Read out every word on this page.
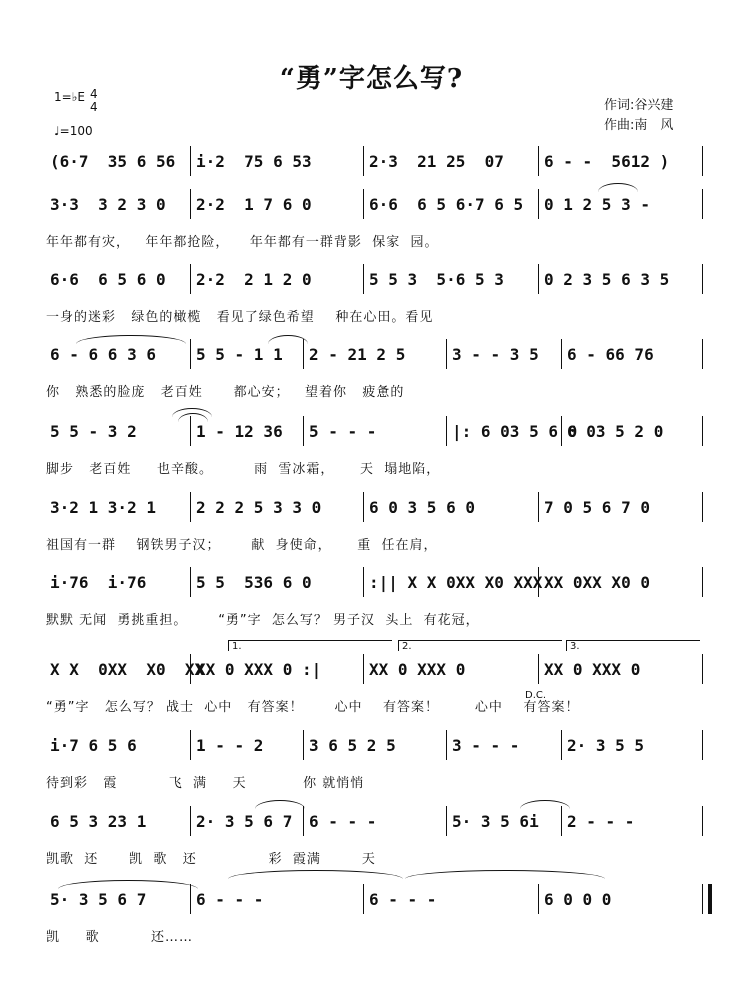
“勇”字怎么写?
1=♭E 4
4
♩=100
作词:谷兴建
作曲:南　风
(6·7  35 6 56 i·2  75 6 53	2·3  21 25  07	6 - -  5612 )
3·3  3 2 3 0 2·2  1 7 6 0	6·6  6 5 6·7 6 5 0 1 2 5 3 -
年年都有灾，   年年都抢险，    年年都有一群背影  保家  园。
6·6  6 5 6 0 2·2  2 1 2 0	5 5 3  5·6 5 3	0 2 3 5 6 3 5
一身的迷彩   绿色的橄榄   看见了绿色希望    种在心田。看见
6 - 6 6 3 6	5 5 - 1 1 2 - 21 2 5	3 - - 3 5 6 - 66 76
你   熟悉的脸庞   老百姓      都心安；   望着你   疲惫的
5 5 - 3 2	1 - 12 36 5 - - -	|: 6 03 5 6 0
6 03 5 2 0
脚步   老百姓     也辛酸。        雨  雪冰霜，     天  塌地陷，
3·2 1 3·2 1	2 2 2 5 3 3 0	6 0 3 5 6 0	7 0 5 6 7 0
祖国有一群    钢铁男子汉；      献  身使命，     重  任在肩，
i·76  i·76	5 5  536 6 0	:|| X X 0XX X0 XXX XX 0XX X0 0
默默 无闻  勇挑重担。      “勇”字  怎么写？ 男子汉  头上  有花冠，
X X  0XX  X0  XX
XX 0 XXX 0 :|	XX 0 XXX 0	XX 0 XXX 0
“勇”字   怎么写？ 战士  心中   有答案！      心中    有答案！       心中    有答案！
i·7 6 5 6	1 - - 2	3 6 5 2 5	3 - - -	2· 3 5 5
待到彩   霞          飞  满     天           你 就悄悄
6 5 3 23 1	2· 3 5 6 7 6 - - -	5· 3 5 6i 2 - - -
凯歌  还      凯  歌   还              彩  霞满        天
5· 3 5 6 7	6 - - -	6 - - -	6 0 0 0
凯     歌          还……
1.	2.	3.
D.C.
